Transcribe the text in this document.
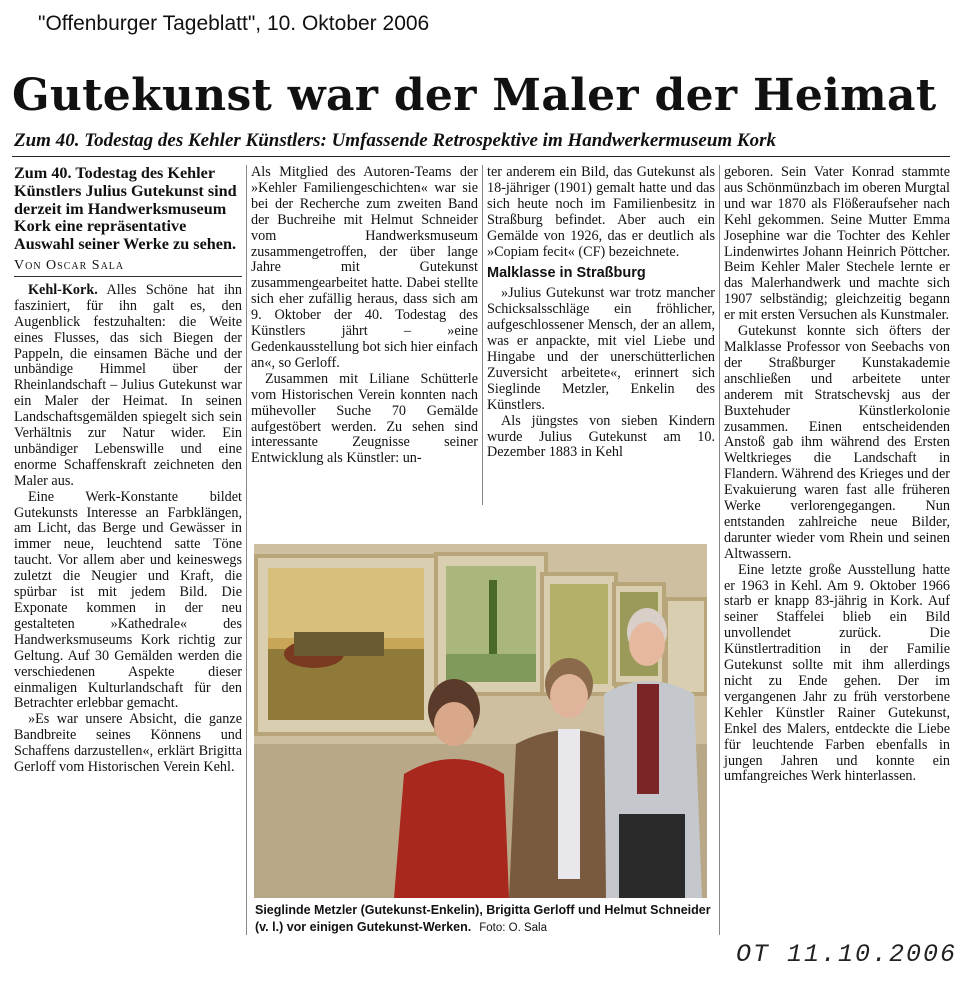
"Offenburger Tageblatt", 10. Oktober 2006
Gutekunst war der Maler der Heimat
Zum 40. Todestag des Kehler Künstlers: Umfassende Retrospektive im Handwerkermuseum Kork

Zum 40. Todestag des Kehler Künstlers Julius Gutekunst sind derzeit im Handwerksmuseum Kork eine repräsentative Auswahl seiner Werke zu sehen.

Von Oscar Sala

Kehl-Kork. Alles Schöne hat ihn fasziniert, für ihn galt es, den Augenblick festzuhalten: die Weite eines Flusses, das sich Biegen der Pappeln, die einsamen Bäche und der unbändige Himmel über der Rheinlandschaft – Julius Gutekunst war ein Maler der Heimat. In seinen Landschaftsgemälden spiegelt sich sein Verhältnis zur Natur wider. Ein unbändiger Lebenswille und eine enorme Schaffenskraft zeichneten den Maler aus.

Eine Werk-Konstante bildet Gutekunsts Interesse an Farbklängen, am Licht, das Berge und Gewässer in immer neue, leuchtend satte Töne taucht. Vor allem aber und keineswegs zuletzt die Neugier und Kraft, die spürbar ist mit jedem Bild. Die Exponate kommen in der neu gestalteten »Kathedrale« des Handwerksmuseums Kork richtig zur Geltung. Auf 30 Gemälden werden die verschiedenen Aspekte dieser einmaligen Kulturlandschaft für den Betrachter erlebbar gemacht.

»Es war unsere Absicht, die ganze Bandbreite seines Könnens und Schaffens darzustellen«, erklärt Brigitta Gerloff vom Historischen Verein Kehl.

Als Mitglied des Autoren-Teams der »Kehler Familiengeschichten« war sie bei der Recherche zum zweiten Band der Buchreihe mit Helmut Schneider vom Handwerksmuseum zusammengetroffen, der über lange Jahre mit Gutekunst zusammengearbeitet hatte. Dabei stellte sich eher zufällig heraus, dass sich am 9. Oktober der 40. Todestag des Künstlers jährt – »eine Gedenkausstellung bot sich hier einfach an«, so Gerloff.

Zusammen mit Liliane Schütterle vom Historischen Verein konnten nach mühevoller Suche 70 Gemälde aufgestöbert werden. Zu sehen sind interessante Zeugnisse seiner Entwicklung als Künstler: un-

ter anderem ein Bild, das Gutekunst als 18-jähriger (1901) gemalt hatte und das sich heute noch im Familienbesitz in Straßburg befindet. Aber auch ein Gemälde von 1926, das er deutlich als »Copiam fecit« (CF) bezeichnete.

Malklasse in Straßburg

»Julius Gutekunst war trotz mancher Schicksalsschläge ein fröhlicher, aufgeschlossener Mensch, der an allem, was er anpackte, mit viel Liebe und Hingabe und der unerschütterlichen Zuversicht arbeitete«, erinnert sich Sieglinde Metzler, Enkelin des Künstlers.

Als jüngstes von sieben Kindern wurde Julius Gutekunst am 10. Dezember 1883 in Kehl

geboren. Sein Vater Konrad stammte aus Schönmünzbach im oberen Murgtal und war 1870 als Flößeraufseher nach Kehl gekommen. Seine Mutter Emma Josephine war die Tochter des Kehler Lindenwirtes Johann Heinrich Pöttcher. Beim Kehler Maler Stechele lernte er das Malerhandwerk und machte sich 1907 selbständig; gleichzeitig begann er mit ersten Versuchen als Kunstmaler.

Gutekunst konnte sich öfters der Malklasse Professor von Seebachs von der Straßburger Kunstakademie anschließen und arbeitete unter anderem mit Stratschevskj aus der Buxtehuder Künstlerkolonie zusammen. Einen entscheidenden Anstoß gab ihm während des Ersten Weltkrieges die Landschaft in Flandern. Während des Krieges und der Evakuierung waren fast alle früheren Werke verlorengegangen. Nun entstanden zahlreiche neue Bilder, darunter wieder vom Rhein und seinen Altwassern.

Eine letzte große Ausstellung hatte er 1963 in Kehl. Am 9. Oktober 1966 starb er knapp 83-jährig in Kork. Auf seiner Staffelei blieb ein Bild unvollendet zurück. Die Künstlertradition in der Familie Gutekunst sollte mit ihm allerdings nicht zu Ende gehen. Der im vergangenen Jahr zu früh verstorbene Kehler Künstler Rainer Gutekunst, Enkel des Malers, entdeckte die Liebe für leuchtende Farben ebenfalls in jungen Jahren und konnte ein umfangreiches Werk hinterlassen.

Sieglinde Metzler (Gutekunst-Enkelin), Brigitta Gerloff und Helmut Schneider (v. l.) vor einigen Gutekunst-Werken. Foto: O. Sala
OT 11.10.2006
